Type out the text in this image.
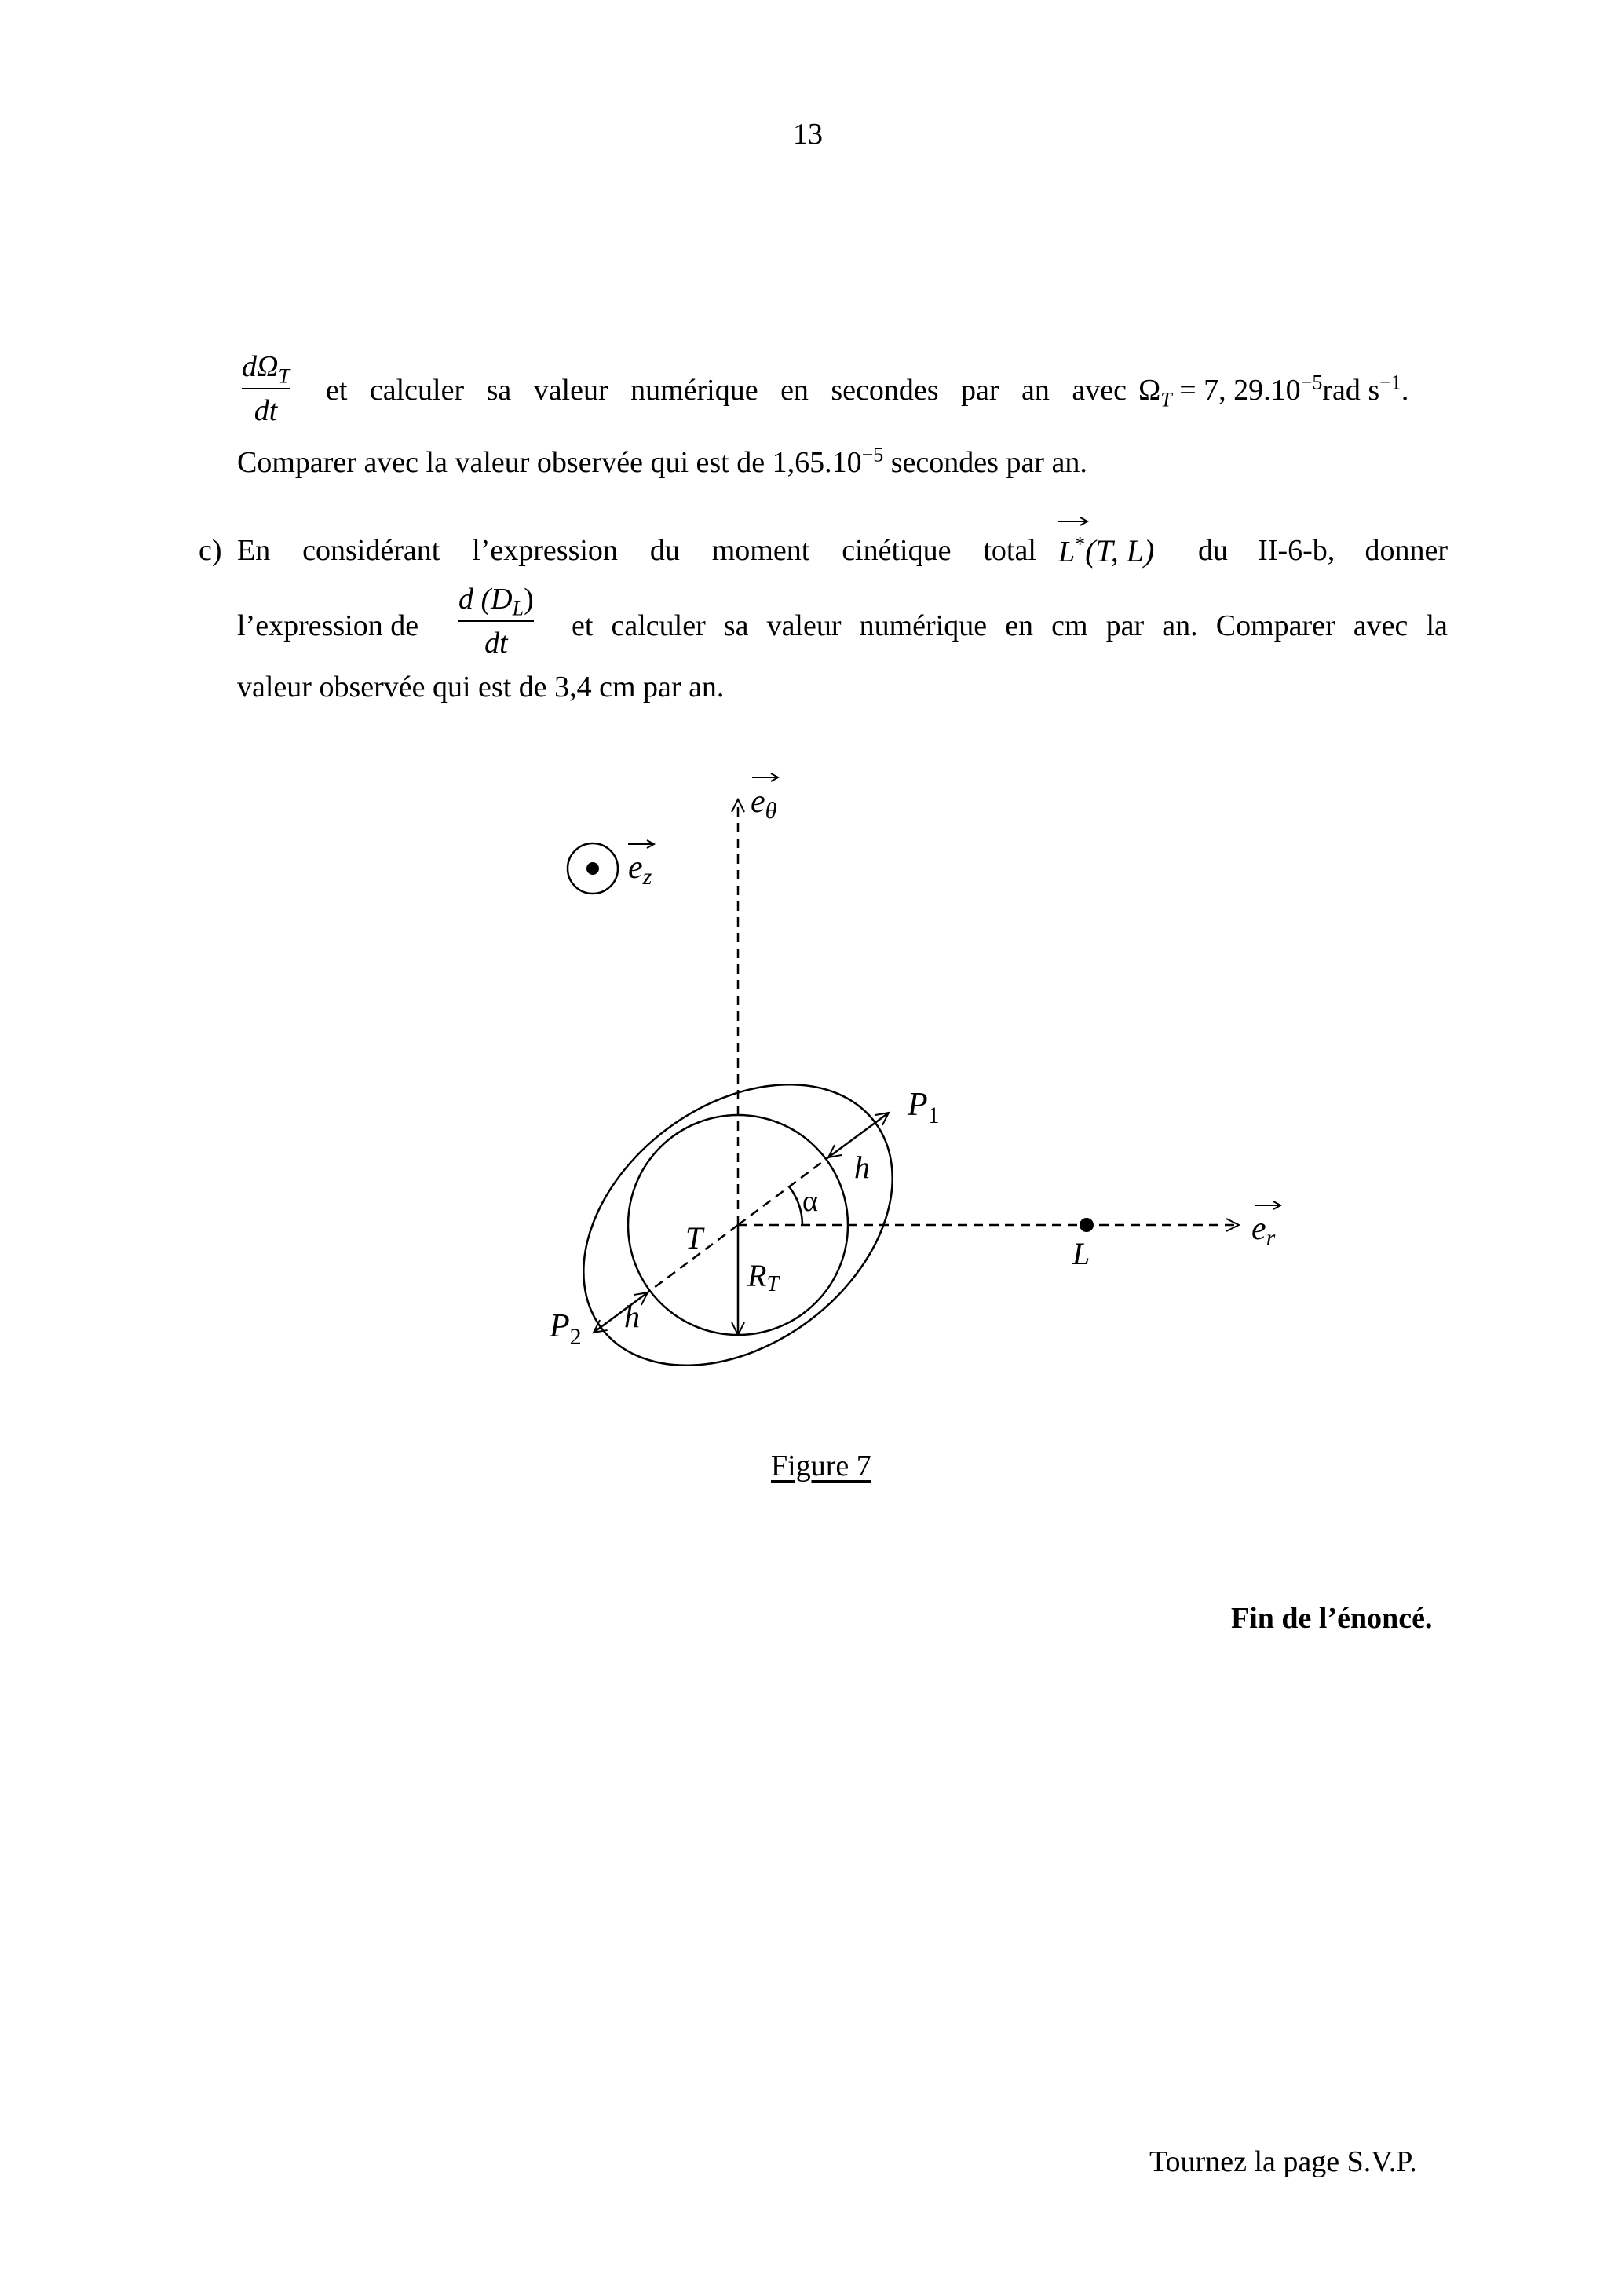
13
$d\Omega_T$
dt
et calculer sa valeur numérique en secondes par an avec $\Omega_T = 7$, $29.10^{-5}rad$ $s^{-1}$.
Comparer avec la valeur observée qui est de $1,65.10^{-5}$ secondes par an.
c) En considérant l’expression du moment cinétique total L*(T, L) du II-6-b, donner
l’expression de
d $(D_L)$
dt
et calculer sa valeur numérique en cm par an. Comparer avec la
valeur observée qui est de 3,4 cm par an.
eθ
ez
er
$P_1$
$P_2$
h
h
α
T
RT
L
Figure 7
Fin de l’énoncé.
Tournez la page S.V.P.
